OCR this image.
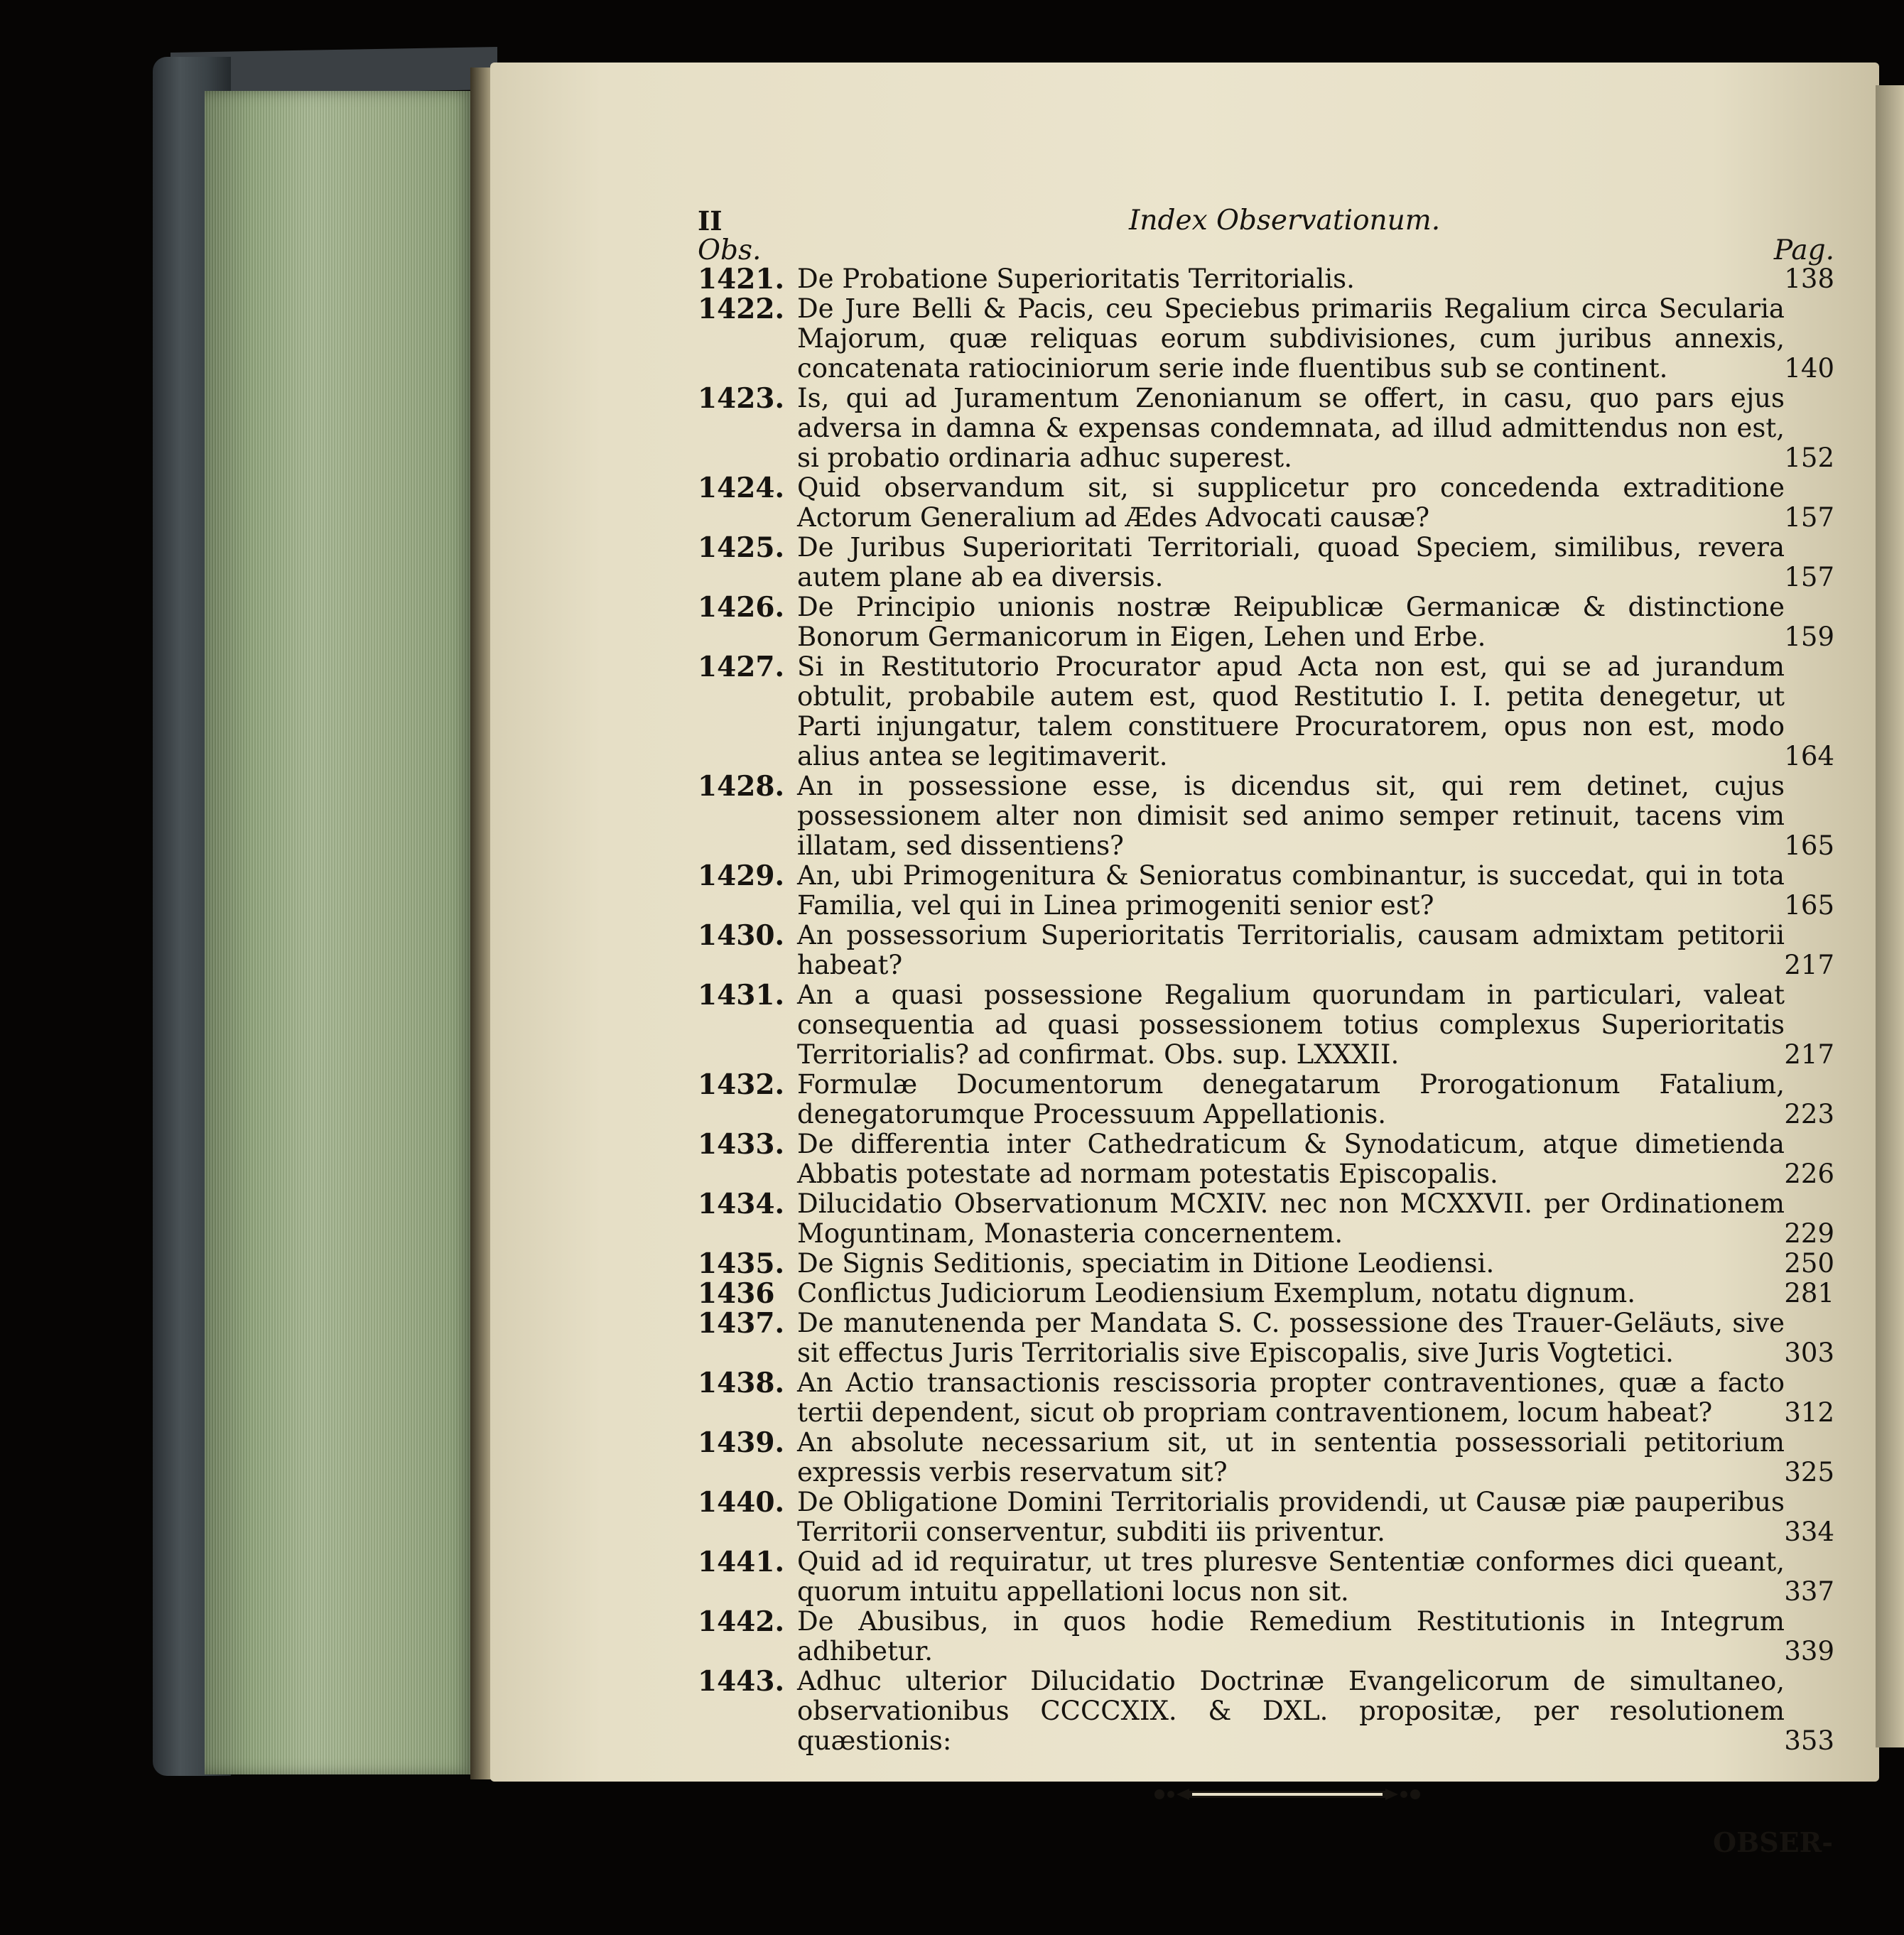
II	Index Observationum.
Obs.	Pag.
1421. De Probatione Superioritatis Territorialis.	138
1422. De Jure Belli & Pacis, ceu Speciebus primariis Regalium circa Secularia Majorum, quæ reliquas eorum subdivisiones, cum juribus annexis, concatenata ratiociniorum serie inde fluentibus sub se continent.	140
1423. Is, qui ad Juramentum Zenonianum se offert, in casu, quo pars ejus adversa in damna & expensas condemnata, ad illud admittendus non est, si probatio ordinaria adhuc superest.	152
1424. Quid observandum sit, si supplicetur pro concedenda extraditione Actorum Generalium ad Ædes Advocati causæ?	157
1425. De Juribus Superioritati Territoriali, quoad Speciem, similibus, revera autem plane ab ea diversis.	157
1426. De Principio unionis nostræ Reipublicæ Germanicæ & distinctione Bonorum Germanicorum in Eigen, Lehen und Erbe.	159
1427. Si in Restitutorio Procurator apud Acta non est, qui se ad jurandum obtulit, probabile autem est, quod Restitutio I. I. petita denegetur, ut Parti injungatur, talem constituere Procuratorem, opus non est, modo alius antea se legitimaverit.	164
1428. An in possessione esse, is dicendus sit, qui rem detinet, cujus possessionem alter non dimisit sed animo semper retinuit, tacens vim illatam, sed dissentiens?	165
1429. An, ubi Primogenitura & Senioratus combinantur, is succedat, qui in tota Familia, vel qui in Linea primogeniti senior est?	165
1430. An possessorium Superioritatis Territorialis, causam admixtam petitorii habeat?	217
1431. An a quasi possessione Regalium quorundam in particulari, valeat consequentia ad quasi possessionem totius complexus Superioritatis Territorialis? ad confirmat. Obs. sup. LXXXII.	217
1432. Formulæ Documentorum denegatarum Prorogationum Fatalium, denegatorumque Processuum Appellationis.	223
1433. De differentia inter Cathedraticum & Synodaticum, atque dimetienda Abbatis potestate ad normam potestatis Episcopalis.	226
1434. Dilucidatio Observationum MCXIV. nec non MCXXVII. per Ordinationem Moguntinam, Monasteria concernentem.	229
1435. De Signis Seditionis, speciatim in Ditione Leodiensi.	250
1436 Conflictus Judiciorum Leodiensium Exemplum, notatu dignum.	281
1437. De manutenenda per Mandata S. C. possessione des Trauer-Geläuts, sive sit effectus Juris Territorialis sive Episcopalis, sive Juris Vogtetici.	303
1438. An Actio transactionis rescissoria propter contraventiones, quæ a facto tertii dependent, sicut ob propriam contraventionem, locum habeat?	312
1439. An absolute necessarium sit, ut in sententia possessoriali petitorium expressis verbis reservatum sit?	325
1440. De Obligatione Domini Territorialis providendi, ut Causæ piæ pauperibus Territorii conserventur, subditi iis priventur.	334
1441. Quid ad id requiratur, ut tres pluresve Sententiæ conformes dici queant, quorum intuitu appellationi locus non sit.	337
1442. De Abusibus, in quos hodie Remedium Restitutionis in Integrum adhibetur.	339
1443. Adhuc ulterior Dilucidatio Doctrinæ Evangelicorum de simultaneo, observationibus CCCCXIX. & DXL. propositæ, per resolutionem quæstionis:	353
OBSER-
